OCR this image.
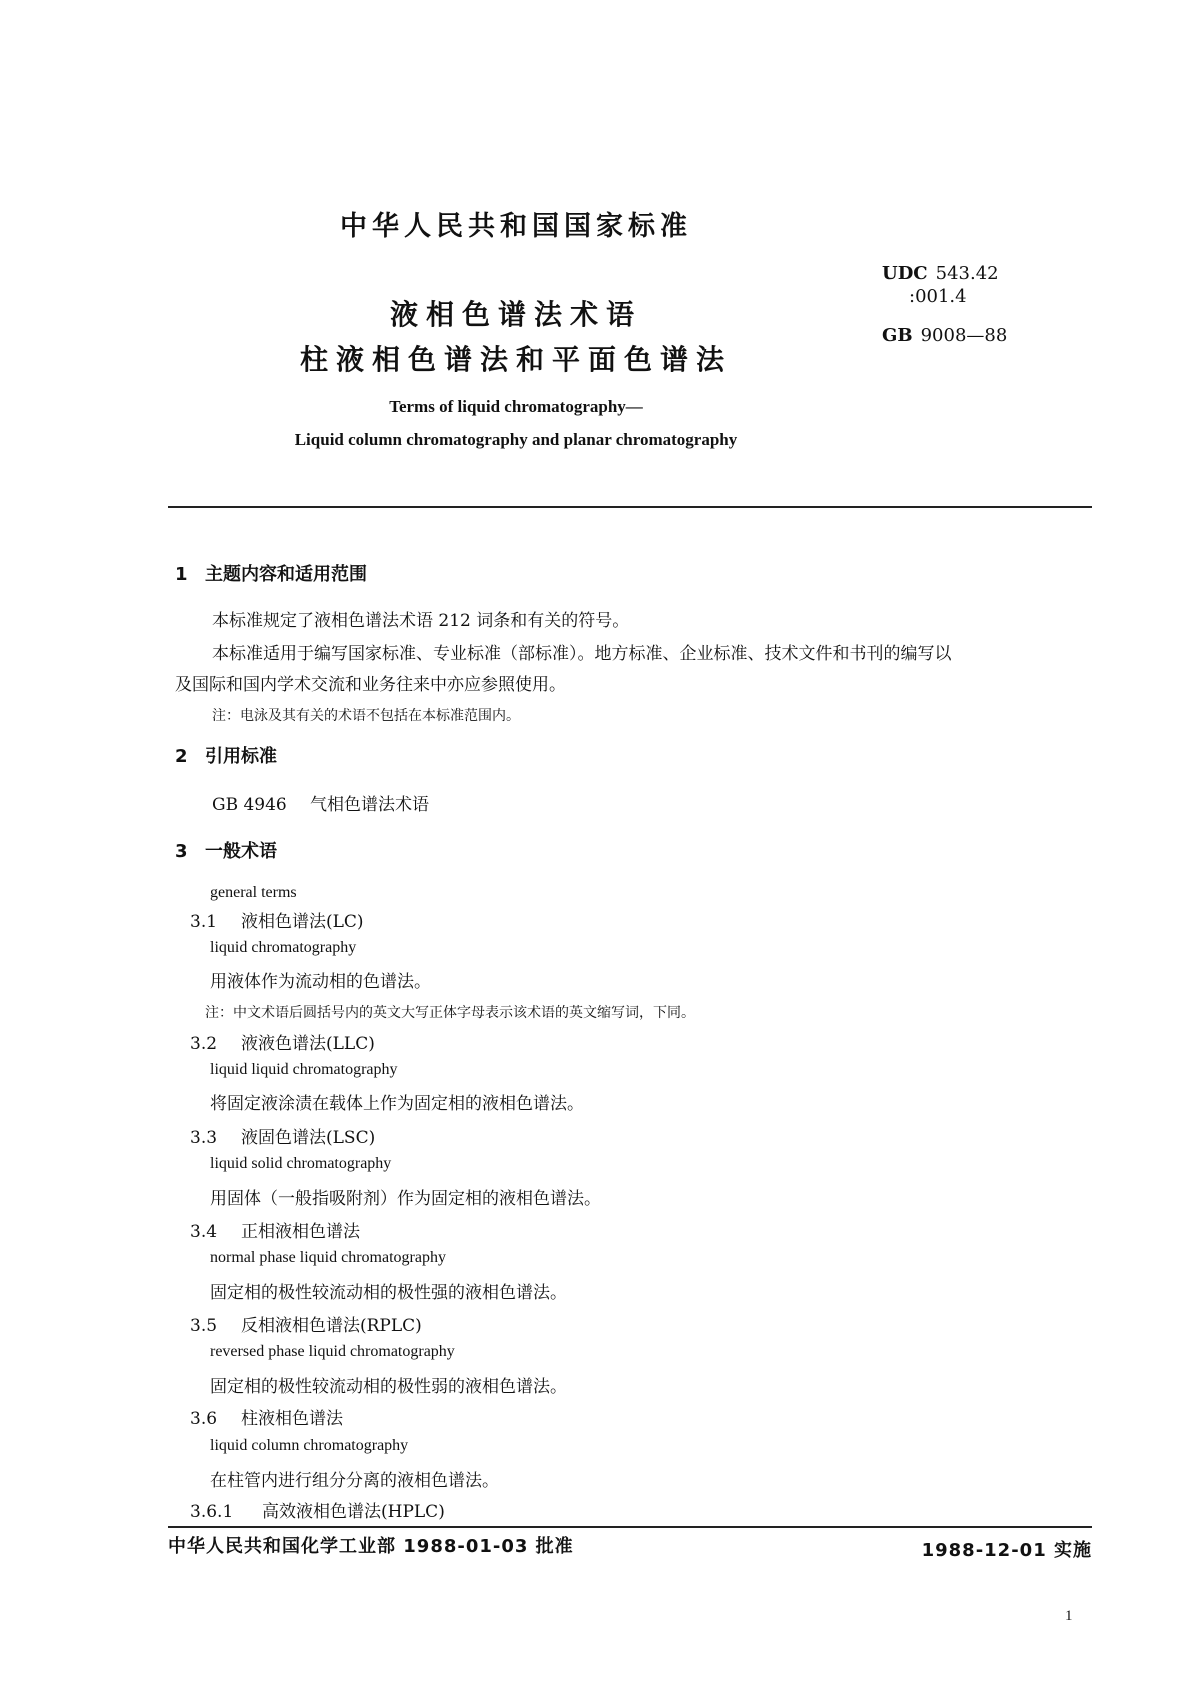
中华人民共和国国家标准
UDC 543.42
:001.4
GB 9008—88
液相色谱法术语
柱液相色谱法和平面色谱法
Terms of liquid chromatography—
Liquid column chromatography and planar chromatography
1 主题内容和适用范围
本标准规定了液相色谱法术语 212 词条和有关的符号。
本标准适用于编写国家标准、专业标准（部标准）。地方标准、企业标准、技术文件和书刊的编写以
及国际和国内学术交流和业务往来中亦应参照使用。
注：电泳及其有关的术语不包括在本标准范围内。
2 引用标准
GB 4946 气相色谱法术语
3 一般术语
general terms
3.1 液相色谱法(LC)
liquid chromatography
用液体作为流动相的色谱法。
注：中文术语后圆括号内的英文大写正体字母表示该术语的英文缩写词，下同。
3.2 液液色谱法(LLC)
liquid liquid chromatography
将固定液涂渍在载体上作为固定相的液相色谱法。
3.3 液固色谱法(LSC)
liquid solid chromatography
用固体（一般指吸附剂）作为固定相的液相色谱法。
3.4 正相液相色谱法
normal phase liquid chromatography
固定相的极性较流动相的极性强的液相色谱法。
3.5 反相液相色谱法(RPLC)
reversed phase liquid chromatography
固定相的极性较流动相的极性弱的液相色谱法。
3.6 柱液相色谱法
liquid column chromatography
在柱管内进行组分分离的液相色谱法。
3.6.1 高效液相色谱法(HPLC)
中华人民共和国化学工业部 1988-01-03 批准	1988-12-01 实施
1
